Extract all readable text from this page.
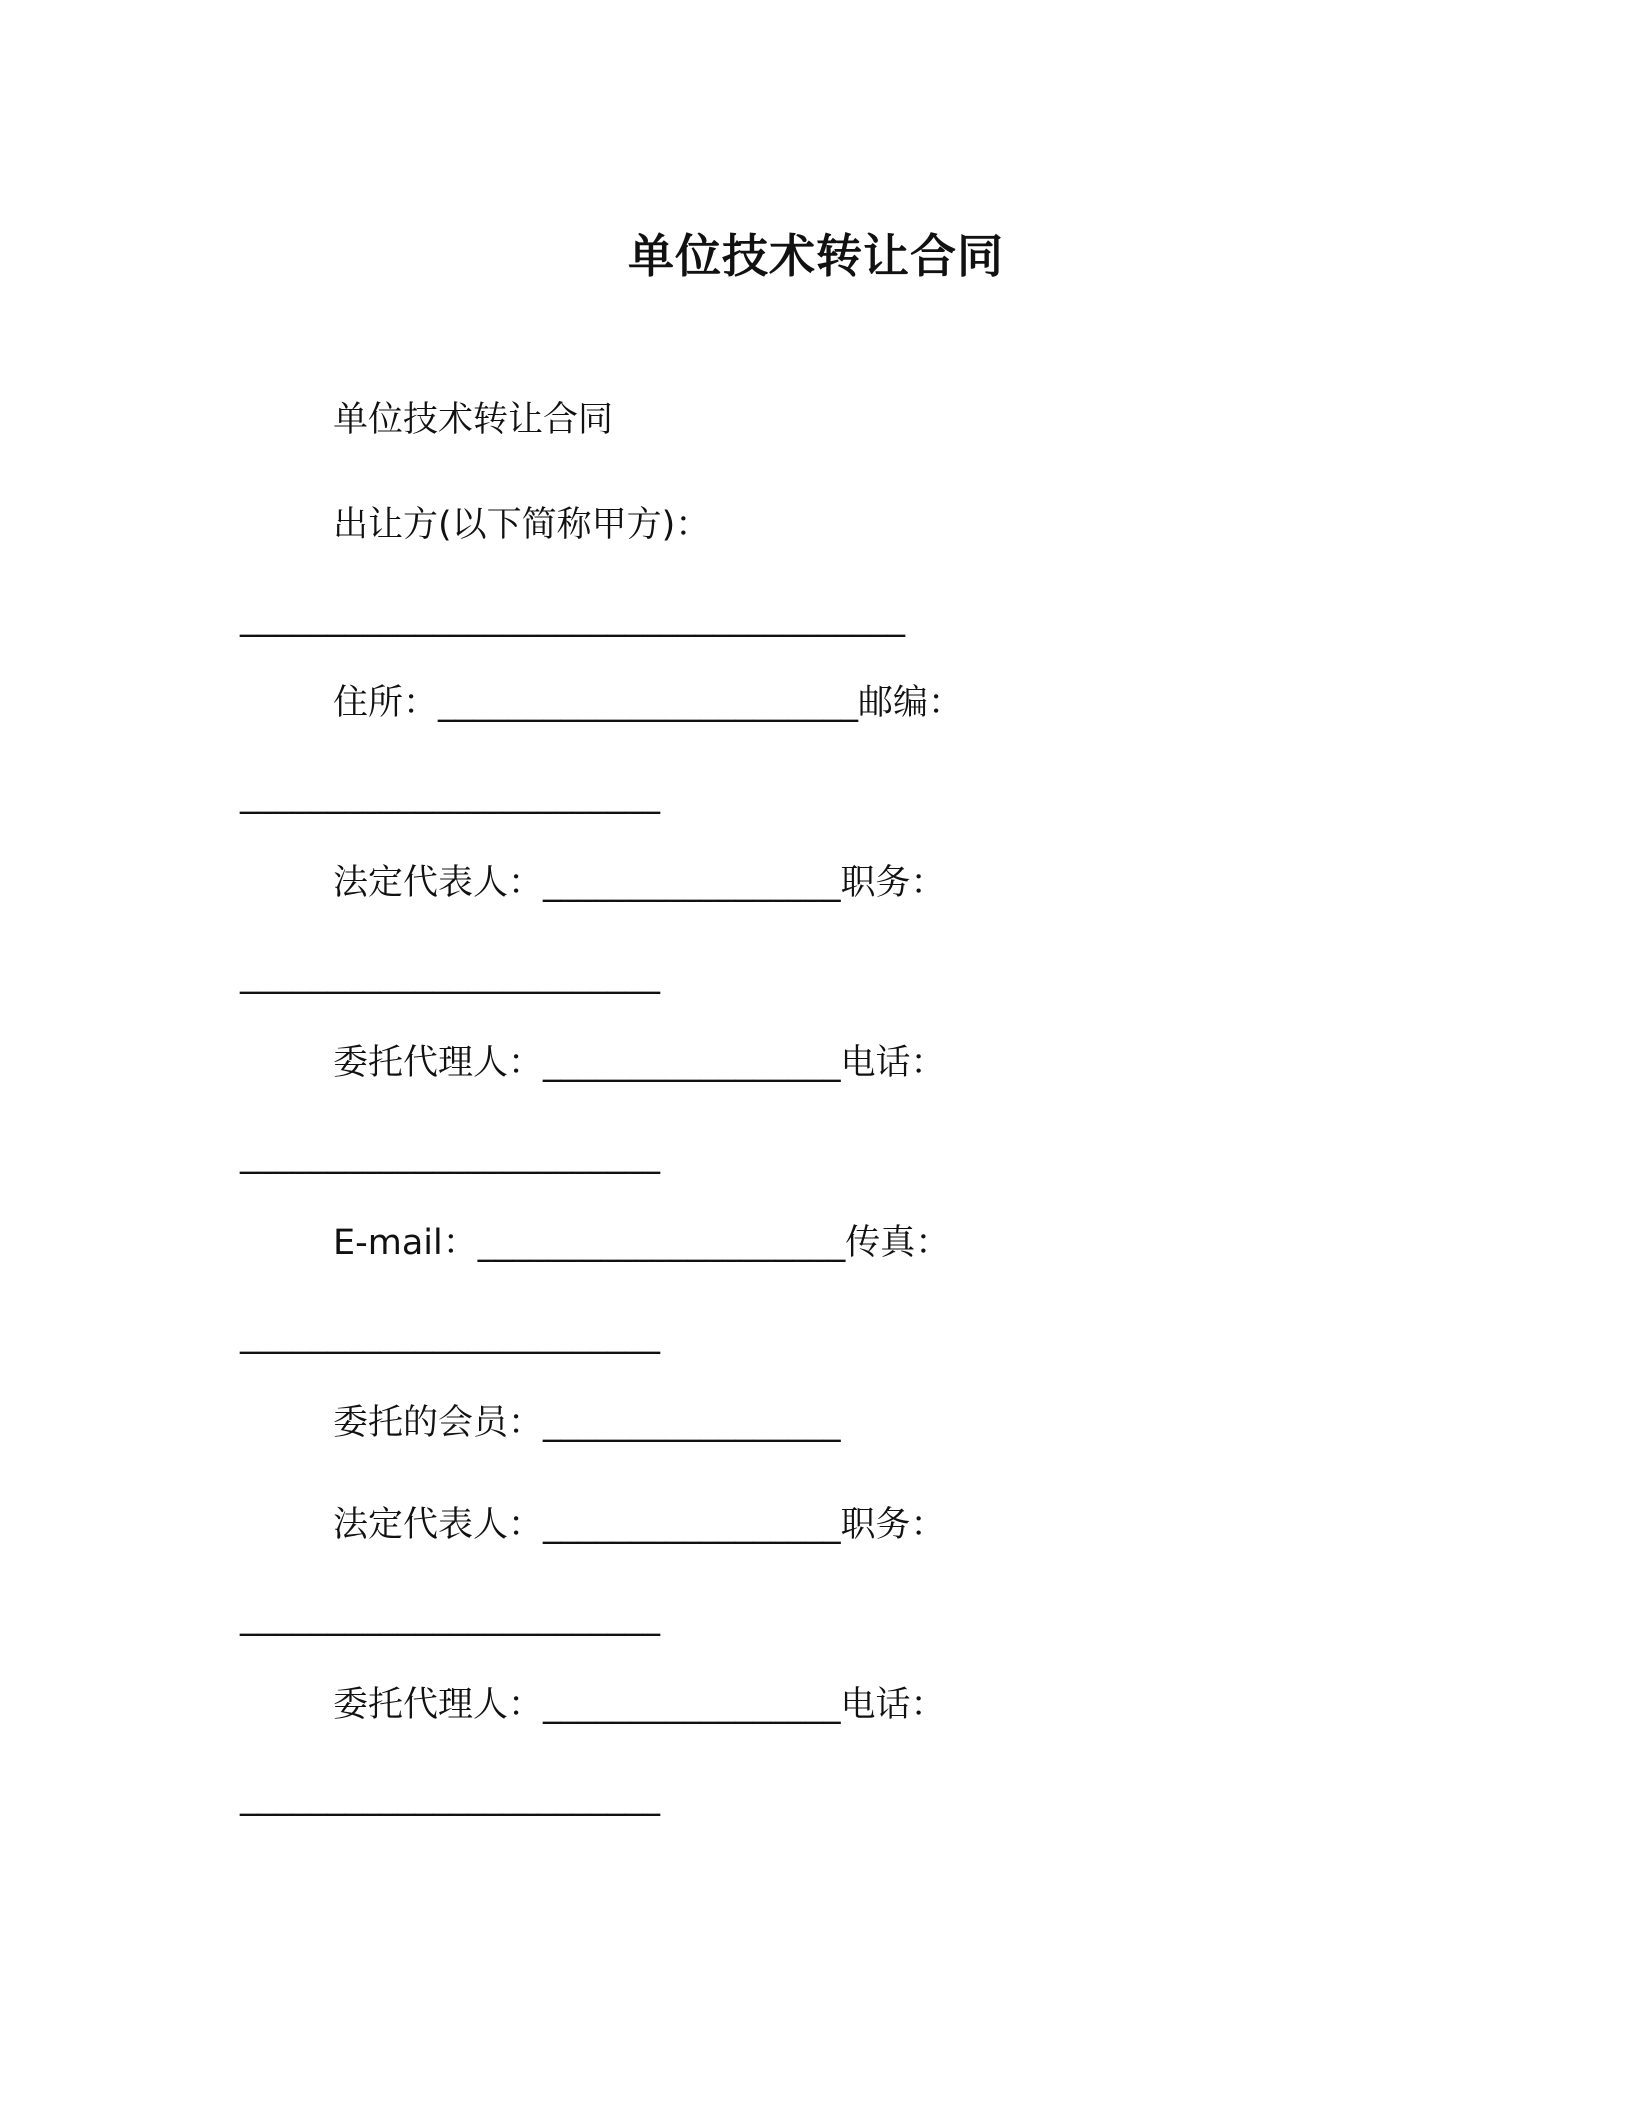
单位技术转让合同
单位技术转让合同
出让方(以下简称甲方)：
______________________________________
住所：________________________邮编：
________________________
法定代表人：_________________职务：
________________________
委托代理人：_________________电话：
________________________
E-mail：_____________________传真：
________________________
委托的会员：_________________
法定代表人：_________________职务：
________________________
委托代理人：_________________电话：
________________________
